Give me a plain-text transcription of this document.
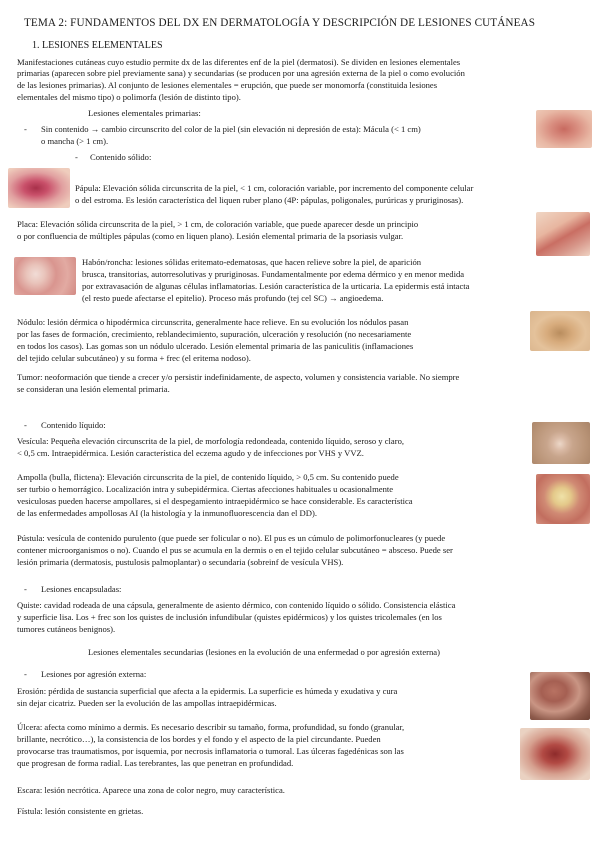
TEMA 2: FUNDAMENTOS DEL DX EN DERMATOLOGÍA Y DESCRIPCIÓN DE LESIONES CUTÁNEAS
1. LESIONES ELEMENTALES
Manifestaciones cutáneas cuyo estudio permite dx de las diferentes enf de la piel (dermatosi). Se dividen en lesiones elementales
primarias (aparecen sobre piel previamente sana) y secundarias (se producen por una agresión externa de la piel o como evolución
de las lesiones primarias). Al conjunto de lesiones elementales = erupción, que puede ser monomorfa (constituida lesiones
elementales del mismo tipo) o polimorfa (lesión de distinto tipo).
Lesiones elementales primarias:
- Sin contenido → cambio circunscrito del color de la piel (sin elevación ni depresión de esta): Mácula (< 1 cm)
o mancha (> 1 cm).
- Contenido sólido:
Pápula: Elevación sólida circunscrita de la piel, < 1 cm, coloración variable, por incremento del componente celular
o del estroma. Es lesión característica del liquen ruber plano (4P: pápulas, poligonales, purúricas y pruriginosas).
Placa: Elevación sólida circunscrita de la piel, > 1 cm, de coloración variable, que puede aparecer desde un principio
o por confluencia de múltiples pápulas (como en liquen plano). Lesión elemental primaria de la psoriasis vulgar.
Habón/roncha: lesiones sólidas eritemato-edematosas, que hacen relieve sobre la piel, de aparición
brusca, transitorias, autorresolutivas y pruriginosas. Fundamentalmente por edema dérmico y en menor medida
por extravasación de algunas células inflamatorias. Lesión característica de la urticaria. La epidermis está intacta
(el resto puede afectarse el epitelio). Proceso más profundo (tej cel SC) → angioedema.
Nódulo: lesión dérmica o hipodérmica circunscrita, generalmente hace relieve. En su evolución los nódulos pasan
por las fases de formación, crecimiento, reblandecimiento, supuración, ulceración y resolución (no necesariamente
en todos los casos). Las gomas son un nódulo ulcerado. Lesión elemental primaria de las paniculitis (inflamaciones
del tejido celular subcutáneo) y su forma + frec (el eritema nodoso).
Tumor: neoformación que tiende a crecer y/o persistir indefinidamente, de aspecto, volumen y consistencia variable. No siempre
se consideran una lesión elemental primaria.
- Contenido líquido:
Vesícula: Pequeña elevación circunscrita de la piel, de morfología redondeada, contenido líquido, seroso y claro,
< 0,5 cm. Intraepidérmica. Lesión característica del eczema agudo y de infecciones por VHS y VVZ.
Ampolla (bulla, flictena): Elevación circunscrita de la piel, de contenido líquido, > 0,5 cm. Su contenido puede
ser turbio o hemorrágico. Localización intra y subepidérmica. Ciertas afecciones habituales u ocasionalmente
vesiculosas pueden hacerse ampollares, si el despegamiento intraepidérmico se hace considerable. Es característica
de las enfermedades ampollosas AI (la histología y la inmunofluorescencia dan el DD).
Pústula: vesícula de contenido purulento (que puede ser folicular o no). El pus es un cúmulo de polimorfonucleares (y puede
contener microorganismos o no). Cuando el pus se acumula en la dermis o en el tejido celular subcutáneo = absceso. Puede ser
lesión primaria (dermatosis, pustulosis palmoplantar) o secundaria (sobreinf de vesícula VHS).
- Lesiones encapsuladas:
Quiste: cavidad rodeada de una cápsula, generalmente de asiento dérmico, con contenido líquido o sólido. Consistencia elástica
y superficie lisa. Los + frec son los quistes de inclusión infundibular (quistes epidérmicos) y los quistes tricolemales (en los
tumores cutáneos benignos).
Lesiones elementales secundarias (lesiones en la evolución de una enfermedad o por agresión externa)
- Lesiones por agresión externa:
Erosión: pérdida de sustancia superficial que afecta a la epidermis. La superficie es húmeda y exudativa y cura
sin dejar cicatriz. Pueden ser la evolución de las ampollas intraepidérmicas.
Úlcera: afecta como mínimo a dermis. Es necesario describir su tamaño, forma, profundidad, su fondo (granular,
brillante, necrótico…), la consistencia de los bordes y el fondo y el aspecto de la piel circundante. Pueden
provocarse tras traumatismos, por isquemia, por necrosis inflamatoria o tumoral. Las úlceras fagedénicas son las
que progresan de forma radial. Las terebrantes, las que penetran en profundidad.
Escara: lesión necrótica. Aparece una zona de color negro, muy característica.
Fístula: lesión consistente en grietas.
